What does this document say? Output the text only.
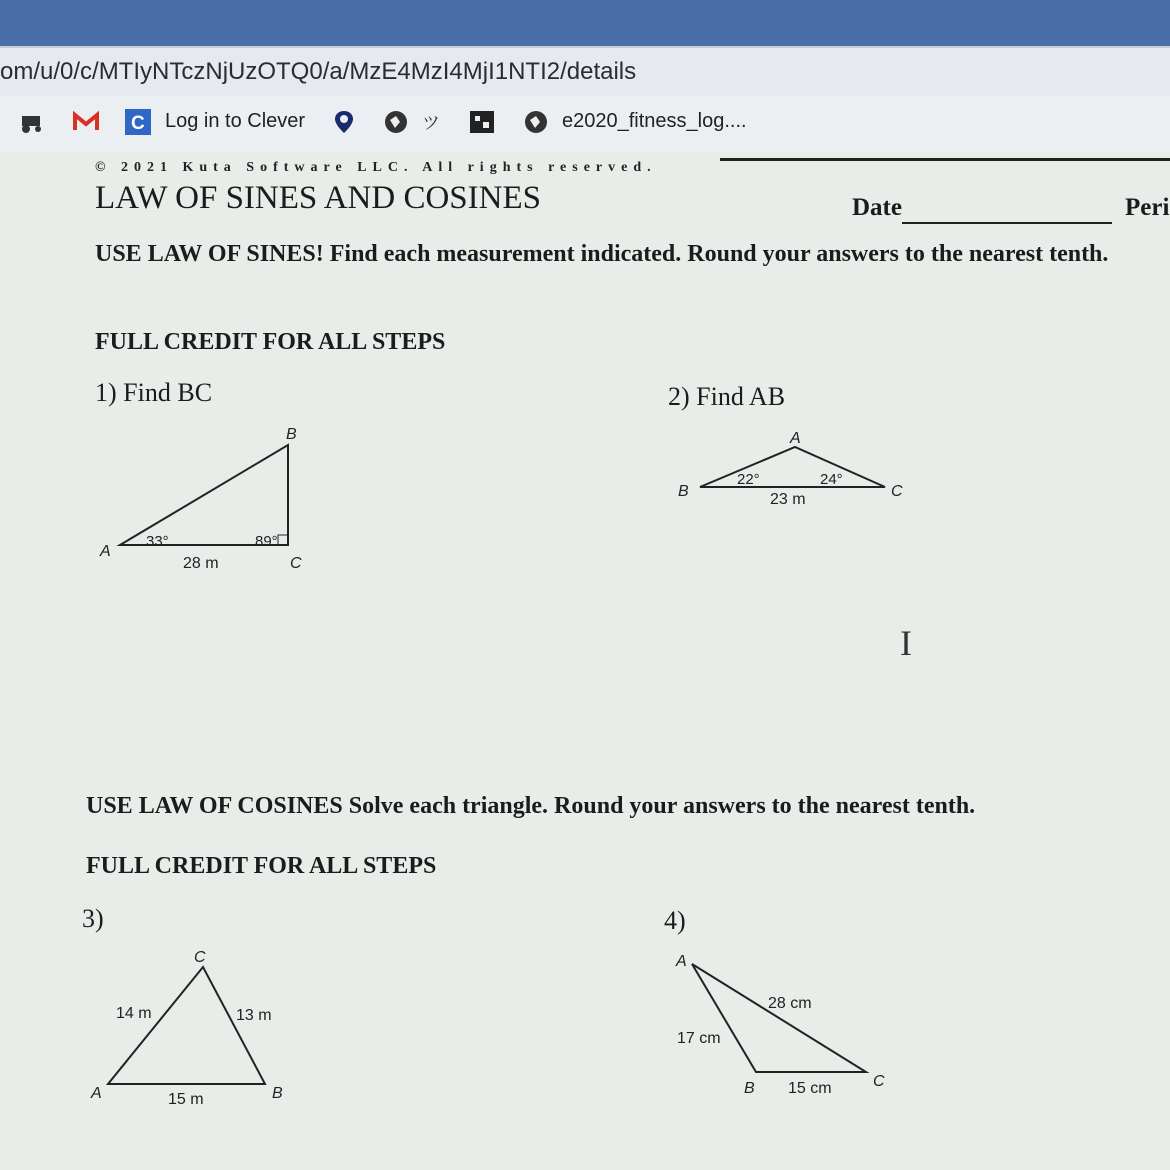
om/u/0/c/MTIyNTczNjUzOTQ0/a/MzE4MzI4MjI1NTI2/details
C Log in to Clever	ツ	e2020_fitness_log....
© 2021 Kuta Software LLC. All rights reserved.
LAW OF SINES AND COSINES	Date	Peri
USE LAW OF SINES! Find each measurement indicated. Round your answers to the nearest tenth.
FULL CREDIT FOR ALL STEPS
1) Find BC
A
B
C
33°	89°
28 m
A
B	C
22°	24°
23 m
A	B
C
14 m	13 m
15 m
A
B	C
28 cm
17 cm
15 cm
2) Find AB
I
USE LAW OF COSINES Solve each triangle. Round your answers to the nearest tenth.
FULL CREDIT FOR ALL STEPS
3)	4)
